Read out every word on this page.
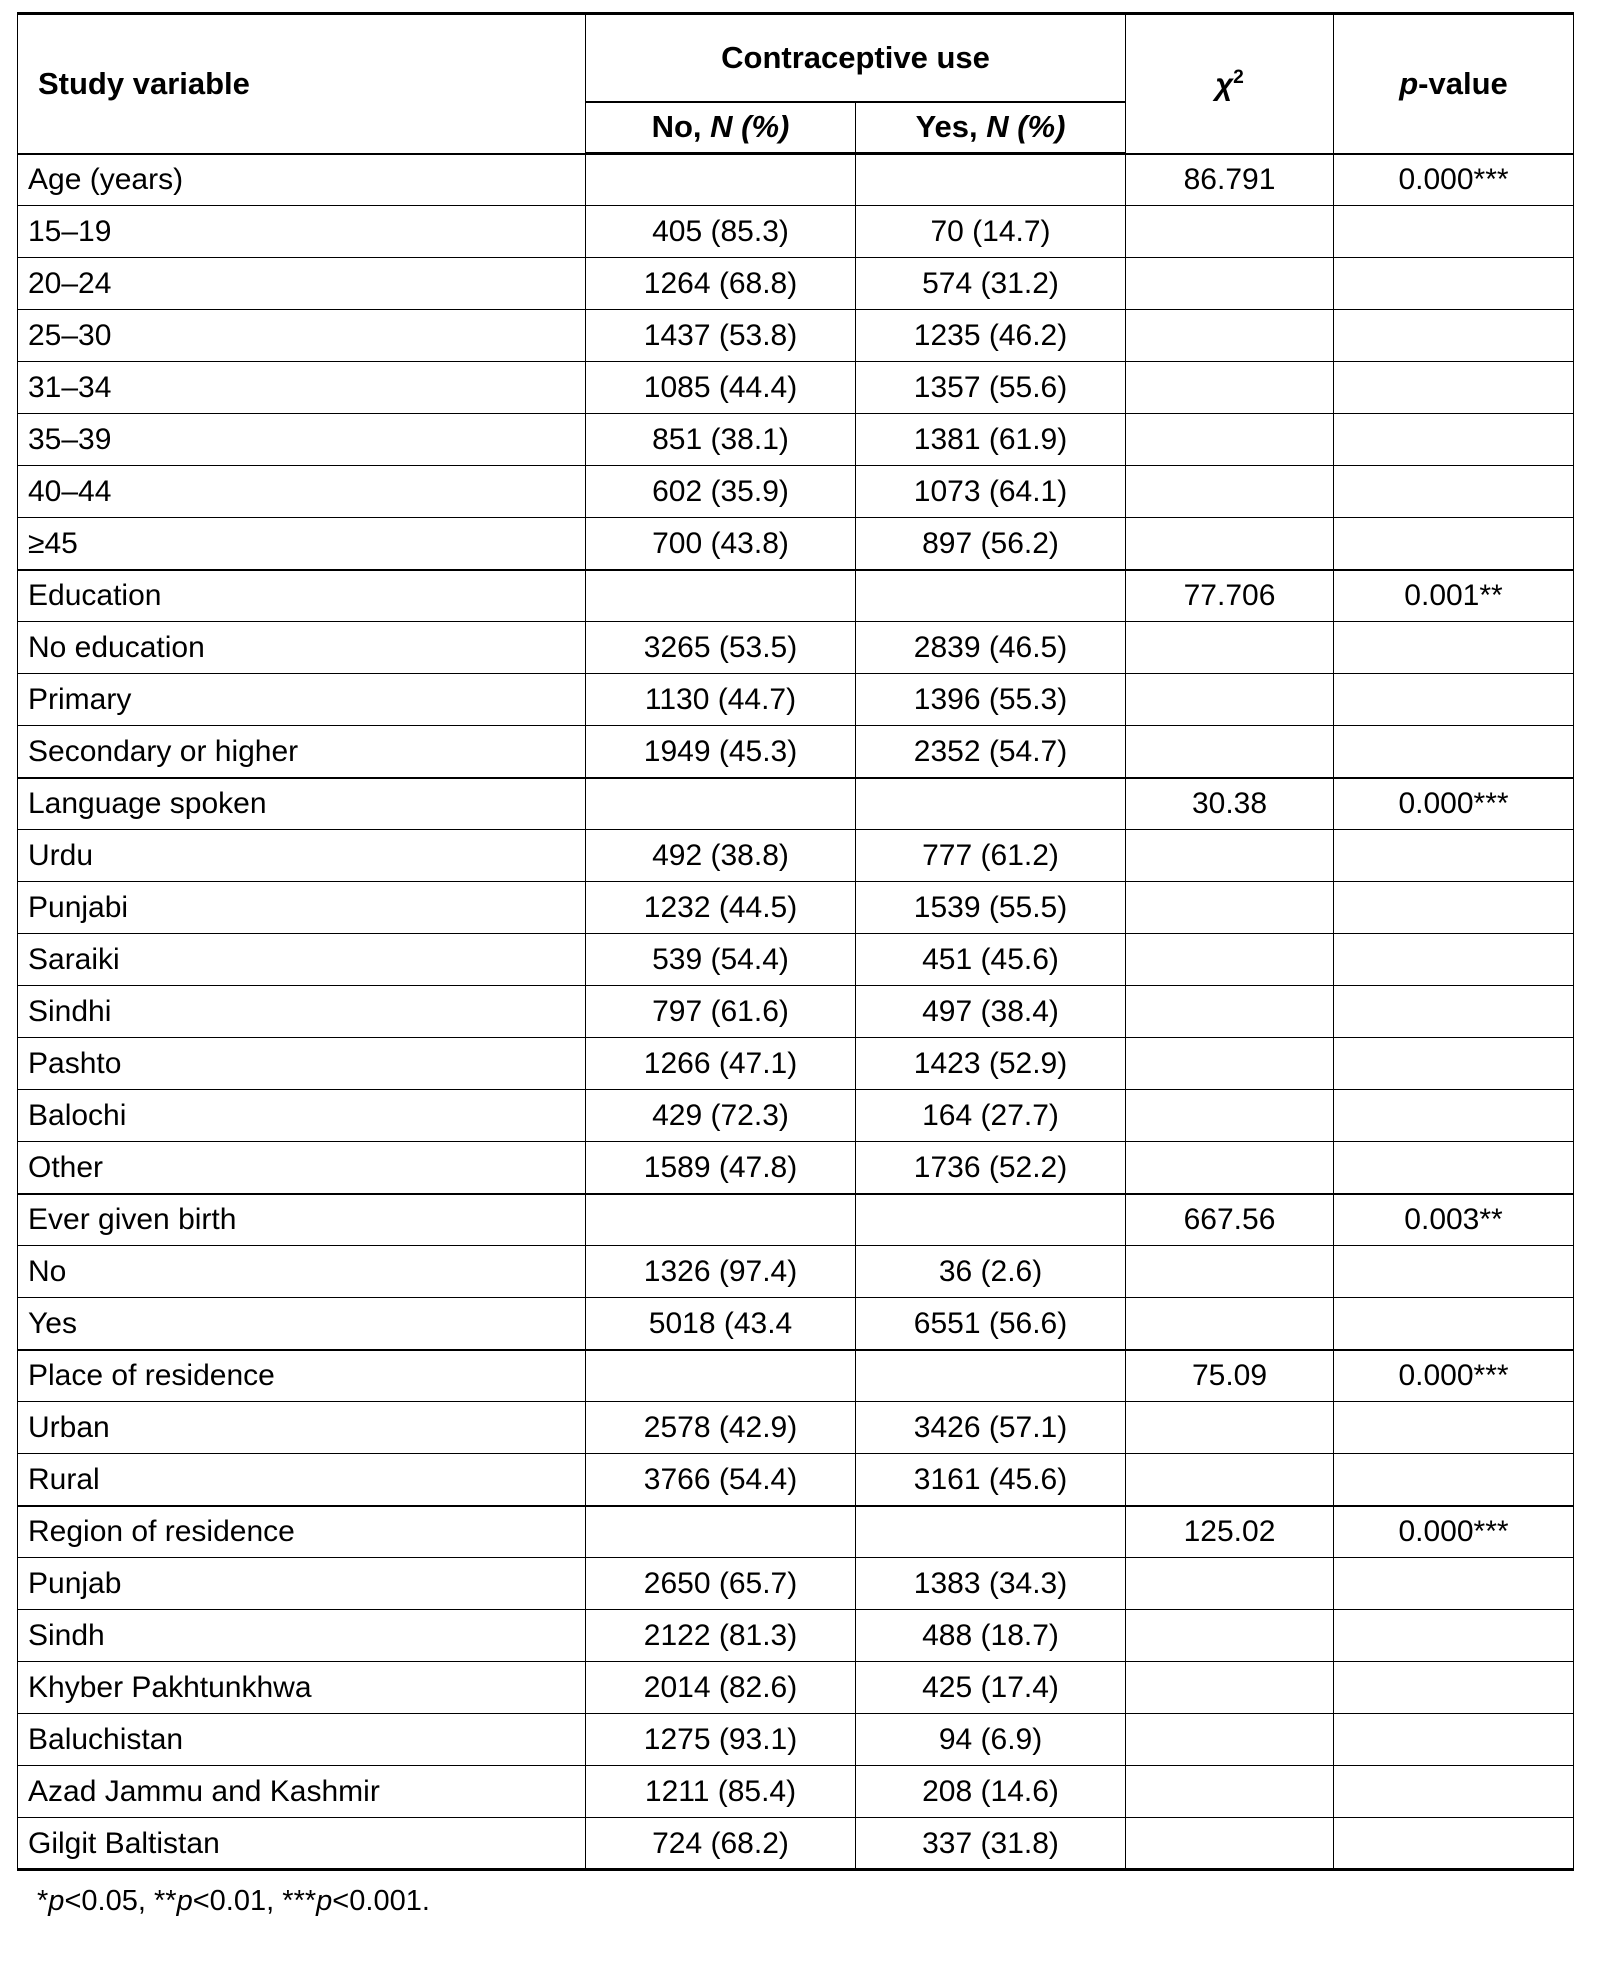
Study variable	Contraceptive use		$\chi^2$	p-value
	No, N (%)	Yes, N (%)		
Age (years)			86.791	0.000***
15–19	405 (85.3)	70 (14.7)		
20–24	1264 (68.8)	574 (31.2)		
25–30	1437 (53.8)	1235 (46.2)		
31–34	1085 (44.4)	1357 (55.6)		
35–39	851 (38.1)	1381 (61.9)		
40–44	602 (35.9)	1073 (64.1)		
≥45	700 (43.8)	897 (56.2)		
Education			77.706	0.001**
No education	3265 (53.5)	2839 (46.5)		
Primary	1130 (44.7)	1396 (55.3)		
Secondary or higher	1949 (45.3)	2352 (54.7)		
Language spoken			30.38	0.000***
Urdu	492 (38.8)	777 (61.2)		
Punjabi	1232 (44.5)	1539 (55.5)		
Saraiki	539 (54.4)	451 (45.6)		
Sindhi	797 (61.6)	497 (38.4)		
Pashto	1266 (47.1)	1423 (52.9)		
Balochi	429 (72.3)	164 (27.7)		
Other	1589 (47.8)	1736 (52.2)		
Ever given birth			667.56	0.003**
No	1326 (97.4)	36 (2.6)		
Yes	5018 (43.4	6551 (56.6)		
Place of residence			75.09	0.000***
Urban	2578 (42.9)	3426 (57.1)		
Rural	3766 (54.4)	3161 (45.6)		
Region of residence			125.02	0.000***
Punjab	2650 (65.7)	1383 (34.3)		
Sindh	2122 (81.3)	488 (18.7)		
Khyber Pakhtunkhwa	2014 (82.6)	425 (17.4)		
Baluchistan	1275 (93.1)	94 (6.9)		
Azad Jammu and Kashmir	1211 (85.4)	208 (14.6)		
Gilgit Baltistan	724 (68.2)	337 (31.8)		
*p<0.05, **p<0.01, ***p<0.001.
